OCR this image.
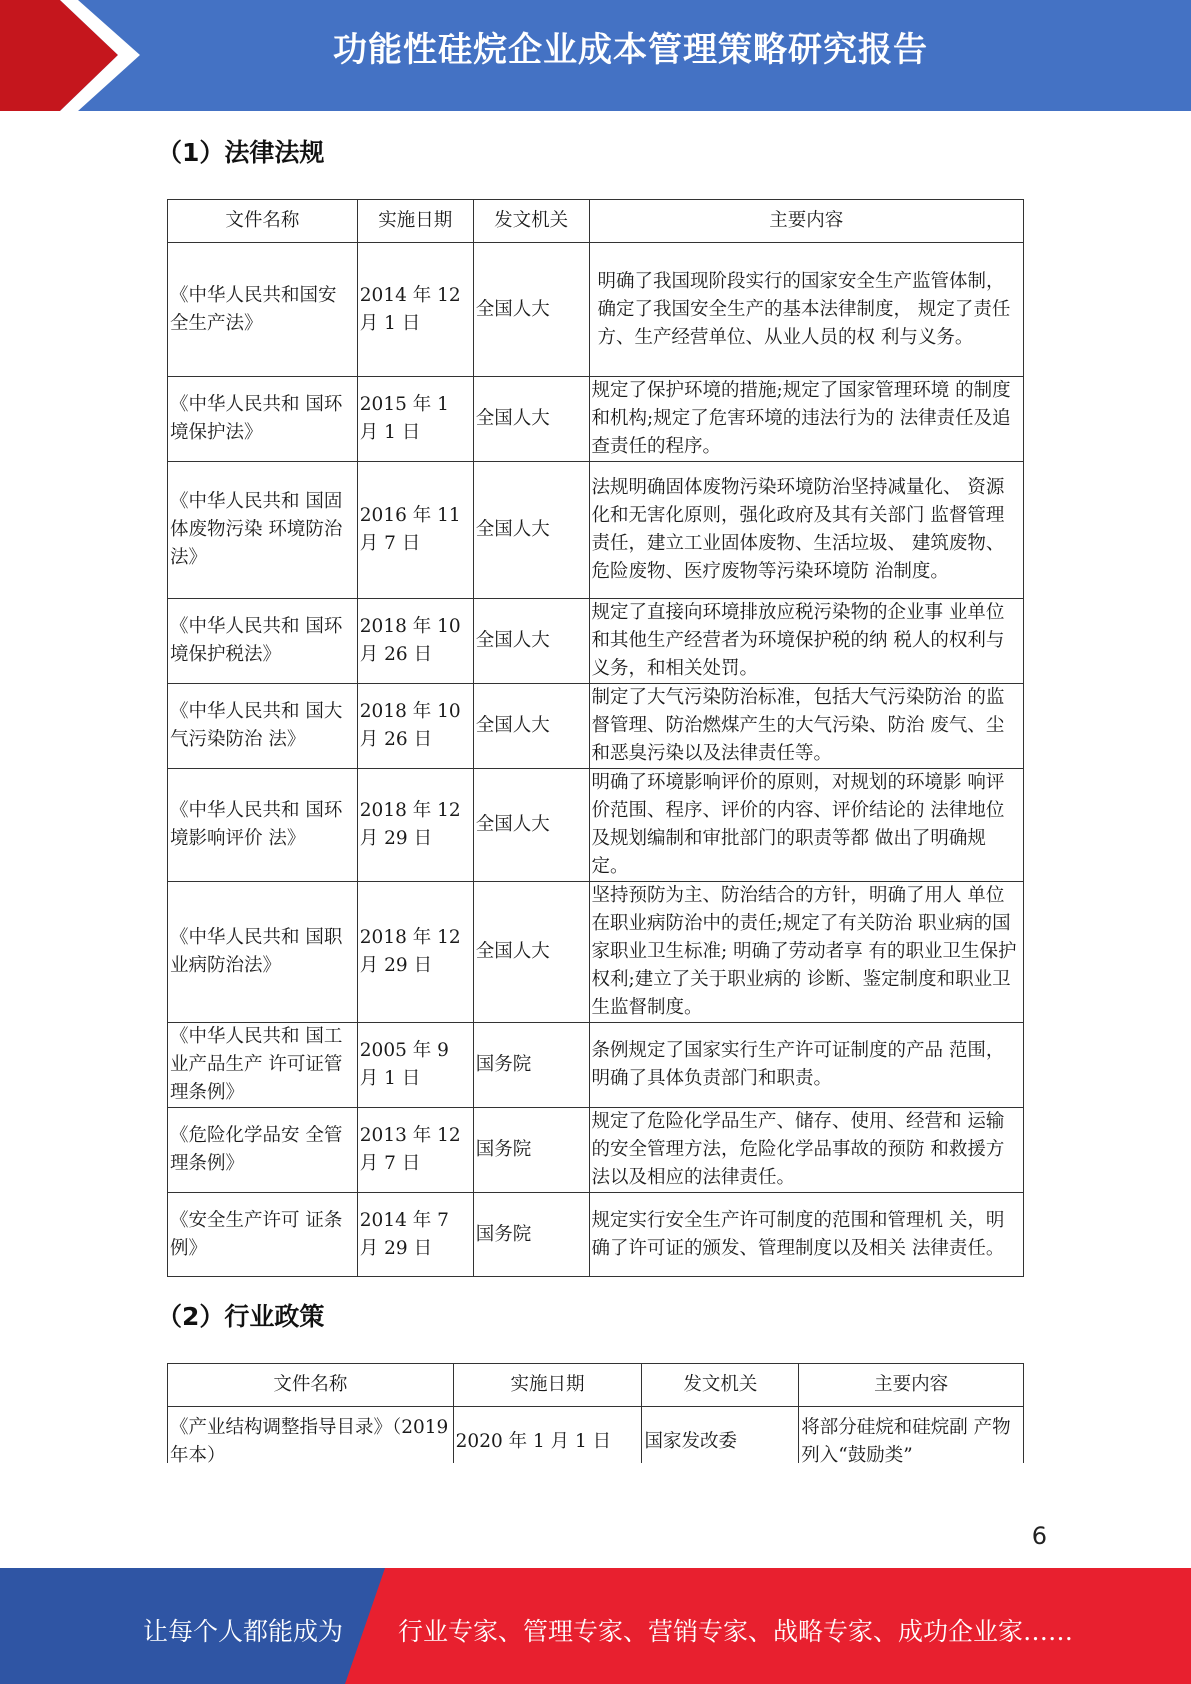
功能性硅烷企业成本管理策略研究报告
（1）法律法规
文件名称	实施日期	发文机关	主要内容
《中华人民共和国安全生产法》	2014 年 12 月 1 日	全国人大	明确了我国现阶段实行的国家安全生产监管体制，确定了我国安全生产的基本法律制度， 规定了责任方、生产经营单位、从业人员的权 利与义务。
《中华人民共和 国环境保护法》	2015 年 1 月 1 日	全国人大	规定了保护环境的措施;规定了国家管理环境 的制度和机构;规定了危害环境的违法行为的 法律责任及追查责任的程序。
《中华人民共和 国固体废物污染 环境防治法》	2016 年 11 月 7 日	全国人大	法规明确固体废物污染环境防治坚持减量化、 资源化和无害化原则，强化政府及其有关部门 监督管理责任，建立工业固体废物、生活垃圾、 建筑废物、危险废物、医疗废物等污染环境防 治制度。
《中华人民共和 国环境保护税法》	2018 年 10 月 26 日	全国人大	规定了直接向环境排放应税污染物的企业事 业单位和其他生产经营者为环境保护税的纳 税人的权利与义务，和相关处罚。
《中华人民共和 国大气污染防治 法》	2018 年 10 月 26 日	全国人大	制定了大气污染防治标准，包括大气污染防治 的监督管理、防治燃煤产生的大气污染、防治 废气、尘和恶臭污染以及法律责任等。
《中华人民共和 国环境影响评价 法》	2018 年 12 月 29 日	全国人大	明确了环境影响评价的原则，对规划的环境影 响评价范围、程序、评价的内容、评价结论的 法律地位及规划编制和审批部门的职责等都 做出了明确规定。
《中华人民共和 国职业病防治法》	2018 年 12 月 29 日	全国人大	坚持预防为主、防治结合的方针，明确了用人 单位在职业病防治中的责任;规定了有关防治 职业病的国家职业卫生标准; 明确了劳动者享 有的职业卫生保护权利;建立了关于职业病的 诊断、鉴定制度和职业卫生监督制度。
《中华人民共和 国工业产品生产 许可证管理条例》	2005 年 9 月 1 日	国务院	条例规定了国家实行生产许可证制度的产品 范围，明确了具体负责部门和职责。
《危险化学品安 全管理条例》	2013 年 12 月 7 日	国务院	规定了危险化学品生产、储存、使用、经营和 运输的安全管理方法，危险化学品事故的预防 和救援方法以及相应的法律责任。
《安全生产许可 证条例》	2014 年 7 月 29 日	国务院	规定实行安全生产许可制度的范围和管理机 关，明确了许可证的颁发、管理制度以及相关 法律责任。
（2）行业政策
文件名称	实施日期	发文机关	主要内容
《产业结构调整指导目录》（2019 年本）	2020 年 1 月 1 日	国家发改委	将部分硅烷和硅烷副 产物列入“鼓励类”
6
让每个人都能成为 行业专家、管理专家、营销专家、战略专家、成功企业家……
